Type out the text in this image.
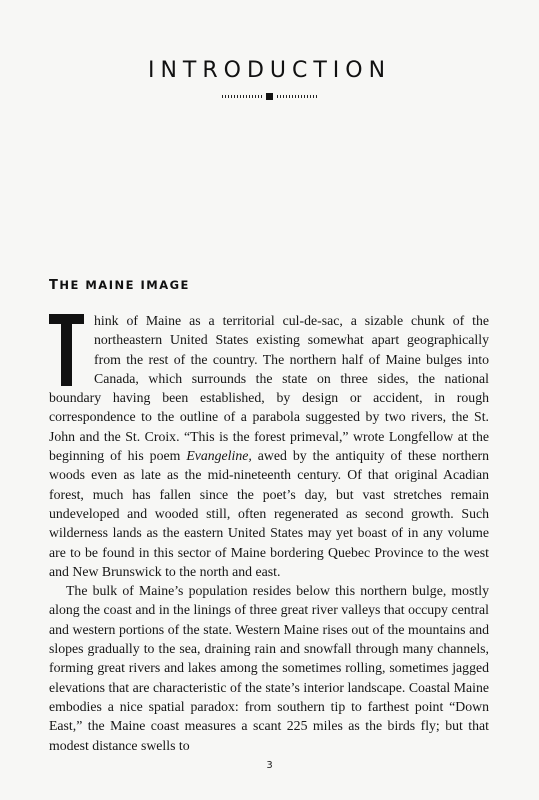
INTRODUCTION
THE MAINE IMAGE

hink of Maine as a territorial cul-de-sac, a sizable chunk of the northeastern United States existing somewhat apart geographically from the rest of the country. The northern half of Maine bulges into Canada, which surrounds the state on three sides, the national boundary having been established, by design or accident, in rough correspondence to the outline of a parabola suggested by two rivers, the St. John and the St. Croix. “This is the forest primeval,” wrote Longfellow at the beginning of his poem Evangeline, awed by the antiquity of these northern woods even as late as the mid-nineteenth century. Of that original Acadian forest, much has fallen since the poet’s day, but vast stretches remain undeveloped and wooded still, often regenerated as second growth. Such wilderness lands as the eastern United States may yet boast of in any volume are to be found in this sector of Maine bordering Quebec Province to the west and New Brunswick to the north and east.

The bulk of Maine’s population resides below this northern bulge, mostly along the coast and in the linings of three great river valleys that occupy central and western portions of the state. Western Maine rises out of the mountains and slopes gradually to the sea, draining rain and snowfall through many channels, forming great rivers and lakes among the sometimes rolling, sometimes jagged elevations that are characteristic of the state’s interior landscape. Coastal Maine embodies a nice spatial paradox: from southern tip to farthest point “Down East,” the Maine coast measures a scant 225 miles as the birds fly; but that modest distance swells to

3
